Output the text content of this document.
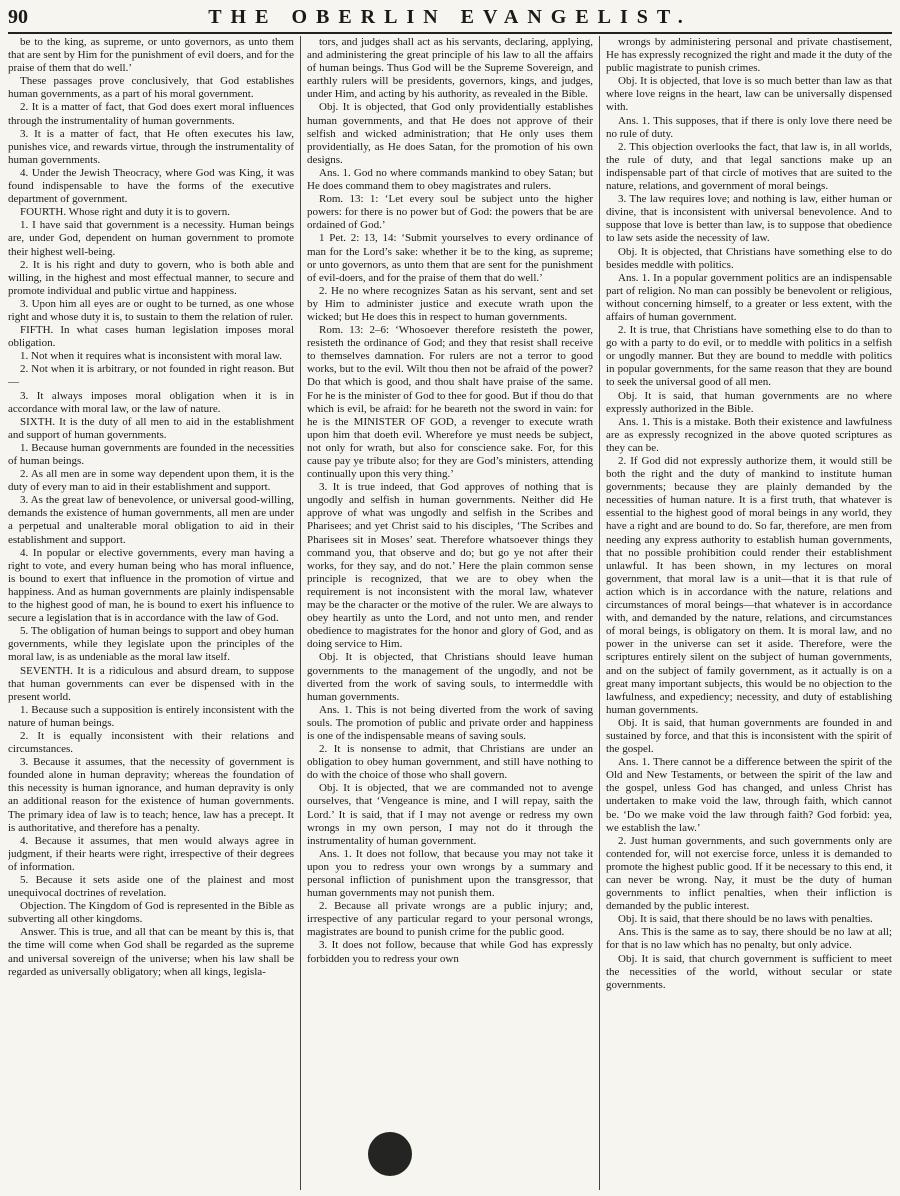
90	THE OBERLIN EVANGELIST.

be to the king, as supreme, or unto governors, as unto them that are sent by Him for the punishment of evil doers, and for the praise of them that do well.’

These passages prove conclusively, that God establishes human governments, as a part of his moral government.

2. It is a matter of fact, that God does exert moral influences through the instrumentality of human governments.

3. It is a matter of fact, that He often executes his law, punishes vice, and rewards virtue, through the instrumentality of human governments.

4. Under the Jewish Theocracy, where God was King, it was found indispensable to have the forms of the executive department of government.

FOURTH. Whose right and duty it is to govern.

1. I have said that government is a necessity. Human beings are, under God, dependent on human government to promote their highest well-being.

2. It is his right and duty to govern, who is both able and willing, in the highest and most effectual manner, to secure and promote individual and public virtue and happiness.

3. Upon him all eyes are or ought to be turned, as one whose right and whose duty it is, to sustain to them the relation of ruler.

FIFTH. In what cases human legislation imposes moral obligation.

1. Not when it requires what is inconsistent with moral law.

2. Not when it is arbitrary, or not founded in right reason. But—

3. It always imposes moral obligation when it is in accordance with moral law, or the law of nature.

SIXTH. It is the duty of all men to aid in the establishment and support of human governments.

1. Because human governments are founded in the necessities of human beings.

2. As all men are in some way dependent upon them, it is the duty of every man to aid in their establishment and support.

3. As the great law of benevolence, or universal good-willing, demands the existence of human governments, all men are under a perpetual and unalterable moral obligation to aid in their establishment and support.

4. In popular or elective governments, every man having a right to vote, and every human being who has moral influence, is bound to exert that influence in the promotion of virtue and happiness. And as human governments are plainly indispensable to the highest good of man, he is bound to exert his influence to secure a legislation that is in accordance with the law of God.

5. The obligation of human beings to support and obey human governments, while they legislate upon the principles of the moral law, is as undeniable as the moral law itself.

SEVENTH. It is a ridiculous and absurd dream, to suppose that human governments can ever be dispensed with in the present world.

1. Because such a supposition is entirely inconsistent with the nature of human beings.

2. It is equally inconsistent with their relations and circumstances.

3. Because it assumes, that the necessity of government is founded alone in human depravity; whereas the foundation of this necessity is human ignorance, and human depravity is only an additional reason for the existence of human governments. The primary idea of law is to teach; hence, law has a precept. It is authoritative, and therefore has a penalty.

4. Because it assumes, that men would always agree in judgment, if their hearts were right, irrespective of their degrees of information.

5. Because it sets aside one of the plainest and most unequivocal doctrines of revelation.

Objection. The Kingdom of God is represented in the Bible as subverting all other kingdoms.

Answer. This is true, and all that can be meant by this is, that the time will come when God shall be regarded as the supreme and universal sovereign of the universe; when his law shall be regarded as universally obligatory; when all kings, legisla-

tors, and judges shall act as his servants, declaring, applying, and administering the great principle of his law to all the affairs of human beings. Thus God will be the Supreme Sovereign, and earthly rulers will be presidents, governors, kings, and judges, under Him, and acting by his authority, as revealed in the Bible.

Obj. It is objected, that God only providentially establishes human governments, and that He does not approve of their selfish and wicked administration; that He only uses them providentially, as He does Satan, for the promotion of his own designs.

Ans. 1. God no where commands mankind to obey Satan; but He does command them to obey magistrates and rulers.

Rom. 13: 1: ‘Let every soul be subject unto the higher powers: for there is no power but of God: the powers that be are ordained of God.’

1 Pet. 2: 13, 14: ‘Submit yourselves to every ordinance of man for the Lord’s sake: whether it be to the king, as supreme; or unto governors, as unto them that are sent for the punishment of evil-doers, and for the praise of them that do well.’

2. He no where recognizes Satan as his servant, sent and set by Him to administer justice and execute wrath upon the wicked; but He does this in respect to human governments.

Rom. 13: 2–6: ‘Whosoever therefore resisteth the power, resisteth the ordinance of God; and they that resist shall receive to themselves damnation. For rulers are not a terror to good works, but to the evil. Wilt thou then not be afraid of the power? Do that which is good, and thou shalt have praise of the same. For he is the minister of God to thee for good. But if thou do that which is evil, be afraid: for he beareth not the sword in vain: for he is the MINISTER OF GOD, a revenger to execute wrath upon him that doeth evil. Wherefore ye must needs be subject, not only for wrath, but also for conscience sake. For, for this cause pay ye tribute also; for they are God’s ministers, attending continually upon this very thing.’

3. It is true indeed, that God approves of nothing that is ungodly and selfish in human governments. Neither did He approve of what was ungodly and selfish in the Scribes and Pharisees; and yet Christ said to his disciples, ‘The Scribes and Pharisees sit in Moses’ seat. Therefore whatsoever things they command you, that observe and do; but go ye not after their works, for they say, and do not.’ Here the plain common sense principle is recognized, that we are to obey when the requirement is not inconsistent with the moral law, whatever may be the character or the motive of the ruler. We are always to obey heartily as unto the Lord, and not unto men, and render obedience to magistrates for the honor and glory of God, and as doing service to Him.

Obj. It is objected, that Christians should leave human governments to the management of the ungodly, and not be diverted from the work of saving souls, to intermeddle with human governments.

Ans. 1. This is not being diverted from the work of saving souls. The promotion of public and private order and happiness is one of the indispensable means of saving souls.

2. It is nonsense to admit, that Christians are under an obligation to obey human government, and still have nothing to do with the choice of those who shall govern.

Obj. It is objected, that we are commanded not to avenge ourselves, that ‘Vengeance is mine, and I will repay, saith the Lord.’ It is said, that if I may not avenge or redress my own wrongs in my own person, I may not do it through the instrumentality of human government.

Ans. 1. It does not follow, that because you may not take it upon you to redress your own wrongs by a summary and personal infliction of punishment upon the transgressor, that human governments may not punish them.

2. Because all private wrongs are a public injury; and, irrespective of any particular regard to your personal wrongs, magistrates are bound to punish crime for the public good.

3. It does not follow, because that while God has expressly forbidden you to redress your own

wrongs by administering personal and private chastisement, He has expressly recognized the right and made it the duty of the public magistrate to punish crimes.

Obj. It is objected, that love is so much better than law as that where love reigns in the heart, law can be universally dispensed with.

Ans. 1. This supposes, that if there is only love there need be no rule of duty.

2. This objection overlooks the fact, that law is, in all worlds, the rule of duty, and that legal sanctions make up an indispensable part of that circle of motives that are suited to the nature, relations, and government of moral beings.

3. The law requires love; and nothing is law, either human or divine, that is inconsistent with universal benevolence. And to suppose that love is better than law, is to suppose that obedience to law sets aside the necessity of law.

Obj. It is objected, that Christians have something else to do besides meddle with politics.

Ans. 1. In a popular government politics are an indispensable part of religion. No man can possibly be benevolent or religious, without concerning himself, to a greater or less extent, with the affairs of human government.

2. It is true, that Christians have something else to do than to go with a party to do evil, or to meddle with politics in a selfish or ungodly manner. But they are bound to meddle with politics in popular governments, for the same reason that they are bound to seek the universal good of all men.

Obj. It is said, that human governments are no where expressly authorized in the Bible.

Ans. 1. This is a mistake. Both their existence and lawfulness are as expressly recognized in the above quoted scriptures as they can be.

2. If God did not expressly authorize them, it would still be both the right and the duty of mankind to institute human governments; because they are plainly demanded by the necessities of human nature. It is a first truth, that whatever is essential to the highest good of moral beings in any world, they have a right and are bound to do. So far, therefore, are men from needing any express authority to establish human governments, that no possible prohibition could render their establishment unlawful. It has been shown, in my lectures on moral government, that moral law is a unit—that it is that rule of action which is in accordance with the nature, relations and circumstances of moral beings—that whatever is in accordance with, and demanded by the nature, relations, and circumstances of moral beings, is obligatory on them. It is moral law, and no power in the universe can set it aside. Therefore, were the scriptures entirely silent on the subject of human governments, and on the subject of family government, as it actually is on a great many important subjects, this would be no objection to the lawfulness, and expediency; necessity, and duty of establishing human governments.

Obj. It is said, that human governments are founded in and sustained by force, and that this is inconsistent with the spirit of the gospel.

Ans. 1. There cannot be a difference between the spirit of the Old and New Testaments, or between the spirit of the law and the gospel, unless God has changed, and unless Christ has undertaken to make void the law, through faith, which cannot be. ‘Do we make void the law through faith? God forbid: yea, we establish the law.’

2. Just human governments, and such governments only are contended for, will not exercise force, unless it is demanded to promote the highest public good. If it be necessary to this end, it can never be wrong. Nay, it must be the duty of human governments to inflict penalties, when their infliction is demanded by the public interest.

Obj. It is said, that there should be no laws with penalties.

Ans. This is the same as to say, there should be no law at all; for that is no law which has no penalty, but only advice.

Obj. It is said, that church government is sufficient to meet the necessities of the world, without secular or state governments.
